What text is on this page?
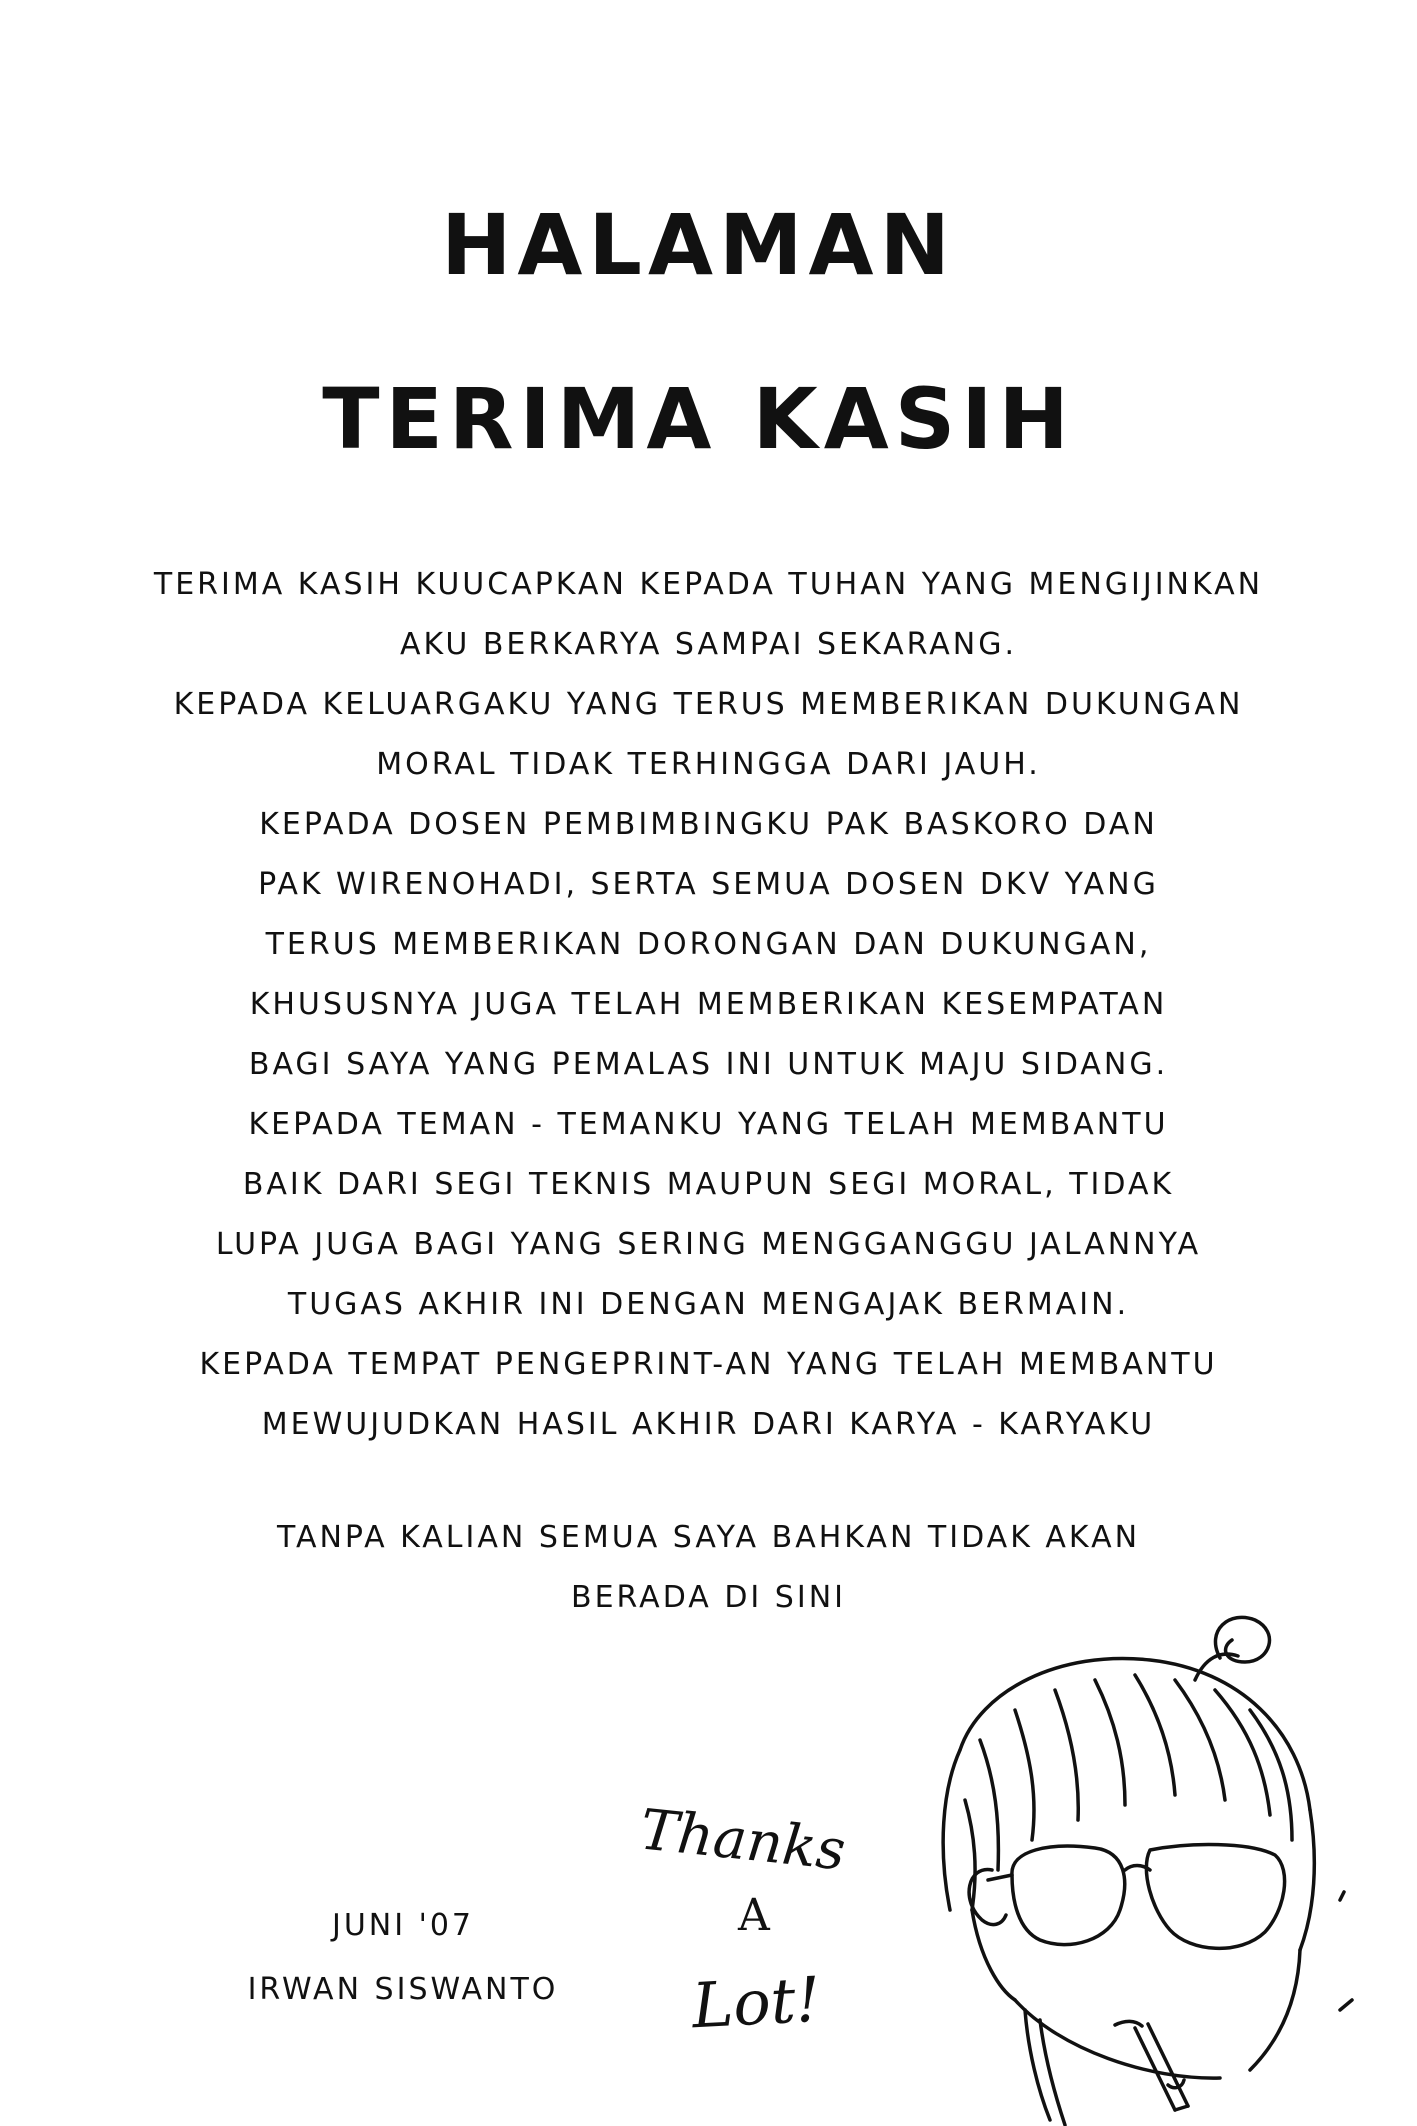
HALAMAN
TERIMA KASIH
TERIMA KASIH KUUCAPKAN KEPADA TUHAN YANG MENGIJINKAN
AKU BERKARYA SAMPAI SEKARANG.
KEPADA KELUARGAKU YANG TERUS MEMBERIKAN DUKUNGAN
MORAL TIDAK TERHINGGA DARI JAUH.
KEPADA DOSEN PEMBIMBINGKU PAK BASKORO DAN
PAK WIRENOHADI, SERTA SEMUA DOSEN DKV YANG
TERUS MEMBERIKAN DORONGAN DAN DUKUNGAN,
KHUSUSNYA JUGA TELAH MEMBERIKAN KESEMPATAN
BAGI SAYA YANG PEMALAS INI UNTUK MAJU SIDANG.
KEPADA TEMAN - TEMANKU YANG TELAH MEMBANTU
BAIK DARI SEGI TEKNIS MAUPUN SEGI MORAL, TIDAK
LUPA JUGA BAGI YANG SERING MENGGANGGU JALANNYA
TUGAS AKHIR INI DENGAN MENGAJAK BERMAIN.
KEPADA TEMPAT PENGEPRINT-AN YANG TELAH MEMBANTU
MEWUJUDKAN HASIL AKHIR DARI KARYA - KARYAKU
TANPA KALIAN SEMUA SAYA BAHKAN TIDAK AKAN
BERADA DI SINI
JUNI '07
IRWAN SISWANTO
Thanks
A
Lot!
